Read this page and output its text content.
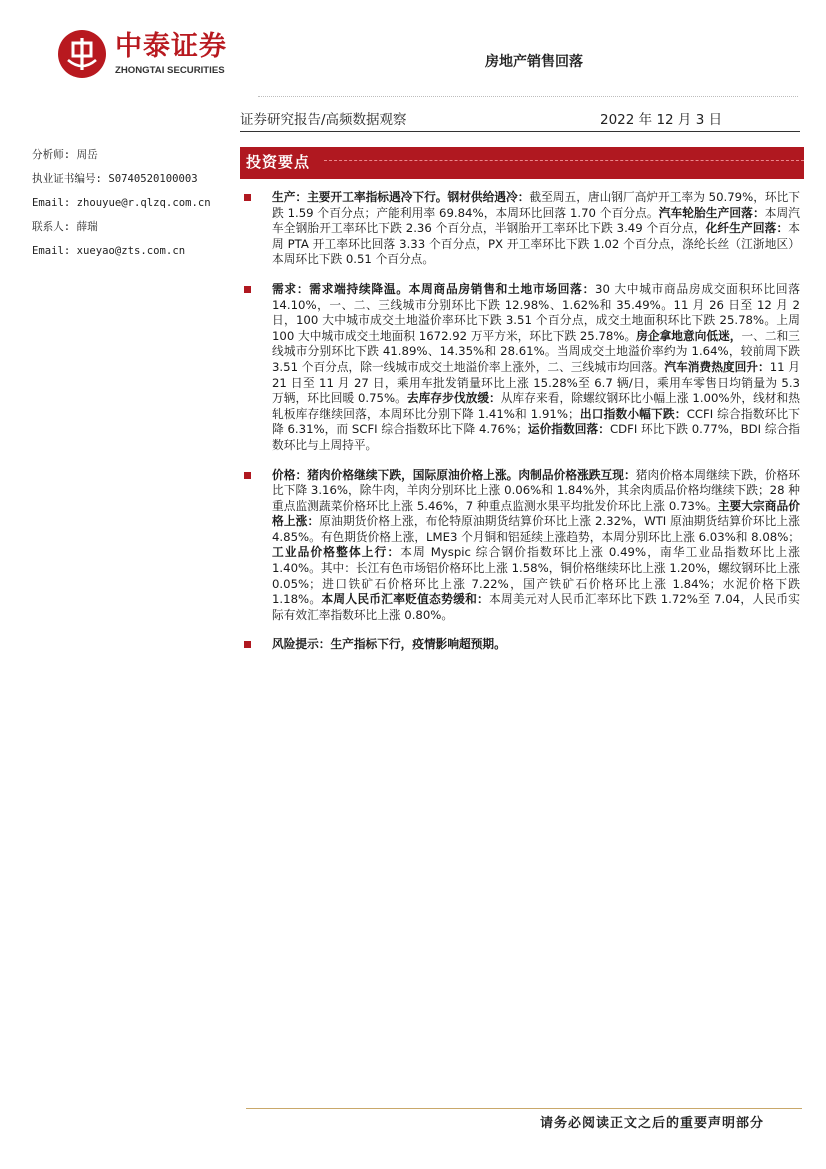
中泰证券
ZHONGTAI SECURITIES
房地产销售回落
证券研究报告/高频数据观察	2022 年 12 月 3 日
分析师: 周岳
执业证书编号: S0740520100003
Email: zhouyue@r.qlzq.com.cn
联系人: 薛瑞
Email: xueyao@zts.com.cn
投资要点
生产：主要开工率指标遇冷下行。钢材供给遇冷：截至周五，唐山钢厂高炉开工率为 50.79%，环比下跌 1.59 个百分点；产能利用率 69.84%，本周环比回落 1.70 个百分点。汽车轮胎生产回落：本周汽车全钢胎开工率环比下跌 2.36 个百分点，半钢胎开工率环比下跌 3.49 个百分点，化纤生产回落：本周 PTA 开工率环比回落 3.33 个百分点，PX 开工率环比下跌 1.02 个百分点，涤纶长丝（江浙地区）本周环比下跌 0.51 个百分点。
需求：需求端持续降温。本周商品房销售和土地市场回落：30 大中城市商品房成交面积环比回落 14.10%，一、二、三线城市分别环比下跌 12.98%、1.62%和 35.49%。11 月 26 日至 12 月 2 日，100 大中城市成交土地溢价率环比下跌 3.51 个百分点，成交土地面积环比下跌 25.78%。上周 100 大中城市成交土地面积 1672.92 万平方米，环比下跌 25.78%。房企拿地意向低迷，一、二和三线城市分别环比下跌 41.89%、14.35%和 28.61%。当周成交土地溢价率约为 1.64%，较前周下跌 3.51 个百分点，除一线城市成交土地溢价率上涨外，二、三线城市均回落。汽车消费热度回升：11 月 21 日至 11 月 27 日，乘用车批发销量环比上涨 15.28%至 6.7 辆/日，乘用车零售日均销量为 5.3 万辆，环比回暖 0.75%。去库存步伐放缓：从库存来看，除螺纹钢环比小幅上涨 1.00%外，线材和热轧板库存继续回落，本周环比分别下降 1.41%和 1.91%；出口指数小幅下跌：CCFI 综合指数环比下降 6.31%，而 SCFI 综合指数环比下降 4.76%；运价指数回落：CDFI 环比下跌 0.77%，BDI 综合指数环比与上周持平。
价格：猪肉价格继续下跌，国际原油价格上涨。肉制品价格涨跌互现：猪肉价格本周继续下跌，价格环比下降 3.16%，除牛肉，羊肉分别环比上涨 0.06%和 1.84%外，其余肉质品价格均继续下跌；28 种重点监测蔬菜价格环比上涨 5.46%，7 种重点监测水果平均批发价环比上涨 0.73%。主要大宗商品价格上涨：原油期货价格上涨，布伦特原油期货结算价环比上涨 2.32%，WTI 原油期货结算价环比上涨 4.85%。有色期货价格上涨，LME3 个月铜和铝延续上涨趋势，本周分别环比上涨 6.03%和 8.08%；工业品价格整体上行：本周 Myspic 综合钢价指数环比上涨 0.49%，南华工业品指数环比上涨 1.40%。其中：长江有色市场铝价格环比上涨 1.58%，铜价格继续环比上涨 1.20%，螺纹钢环比上涨 0.05%；进口铁矿石价格环比上涨 7.22%，国产铁矿石价格环比上涨 1.84%；水泥价格下跌 1.18%。本周人民币汇率贬值态势缓和：本周美元对人民币汇率环比下跌 1.72%至 7.04，人民币实际有效汇率指数环比上涨 0.80%。
风险提示：生产指标下行，疫情影响超预期。
请务必阅读正文之后的重要声明部分
